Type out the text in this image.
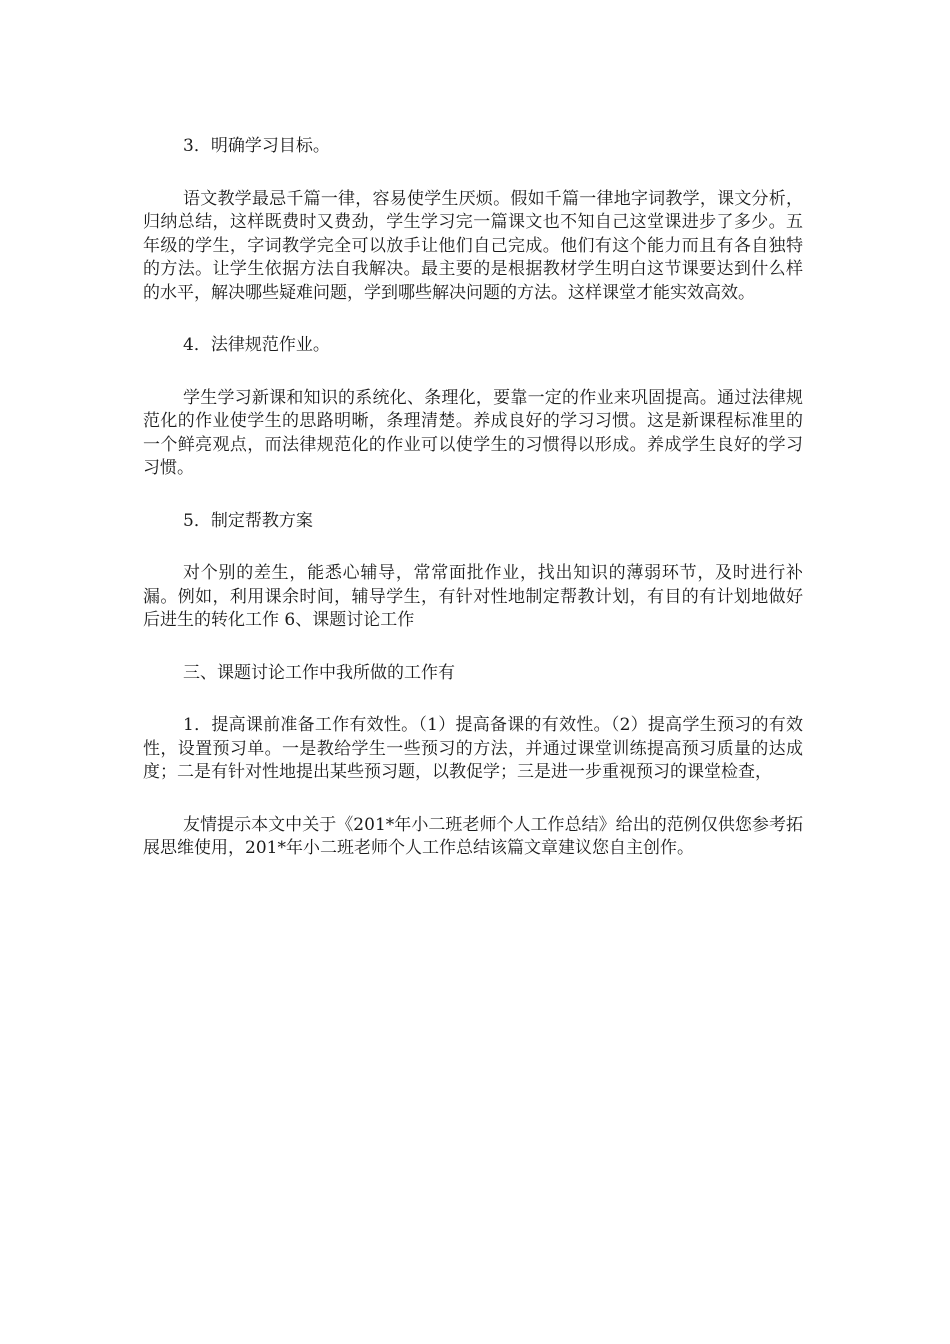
3．明确学习目标。

语文教学最忌千篇一律，容易使学生厌烦。假如千篇一律地字词教学，课文分析，归纳总结，这样既费时又费劲，学生学习完一篇课文也不知自己这堂课进步了多少。五年级的学生，字词教学完全可以放手让他们自己完成。他们有这个能力而且有各自独特的方法。让学生依据方法自我解决。最主要的是根据教材学生明白这节课要达到什么样的水平，解决哪些疑难问题，学到哪些解决问题的方法。这样课堂才能实效高效。

4．法律规范作业。

学生学习新课和知识的系统化、条理化，要靠一定的作业来巩固提高。通过法律规范化的作业使学生的思路明晰，条理清楚。养成良好的学习习惯。这是新课程标准里的一个鲜亮观点，而法律规范化的作业可以使学生的习惯得以形成。养成学生良好的学习习惯。

5．制定帮教方案

对个别的差生，能悉心辅导，常常面批作业，找出知识的薄弱环节，及时进行补漏。例如，利用课余时间，辅导学生，有针对性地制定帮教计划，有目的有计划地做好后进生的转化工作 6、课题讨论工作

三、课题讨论工作中我所做的工作有

1．提高课前准备工作有效性。（1）提高备课的有效性。（2）提高学生预习的有效性，设置预习单。一是教给学生一些预习的方法，并通过课堂训练提高预习质量的达成度；二是有针对性地提出某些预习题，以教促学；三是进一步重视预习的课堂检查，

友情提示本文中关于《201*年小二班老师个人工作总结》给出的范例仅供您参考拓展思维使用，201*年小二班老师个人工作总结该篇文章建议您自主创作。
